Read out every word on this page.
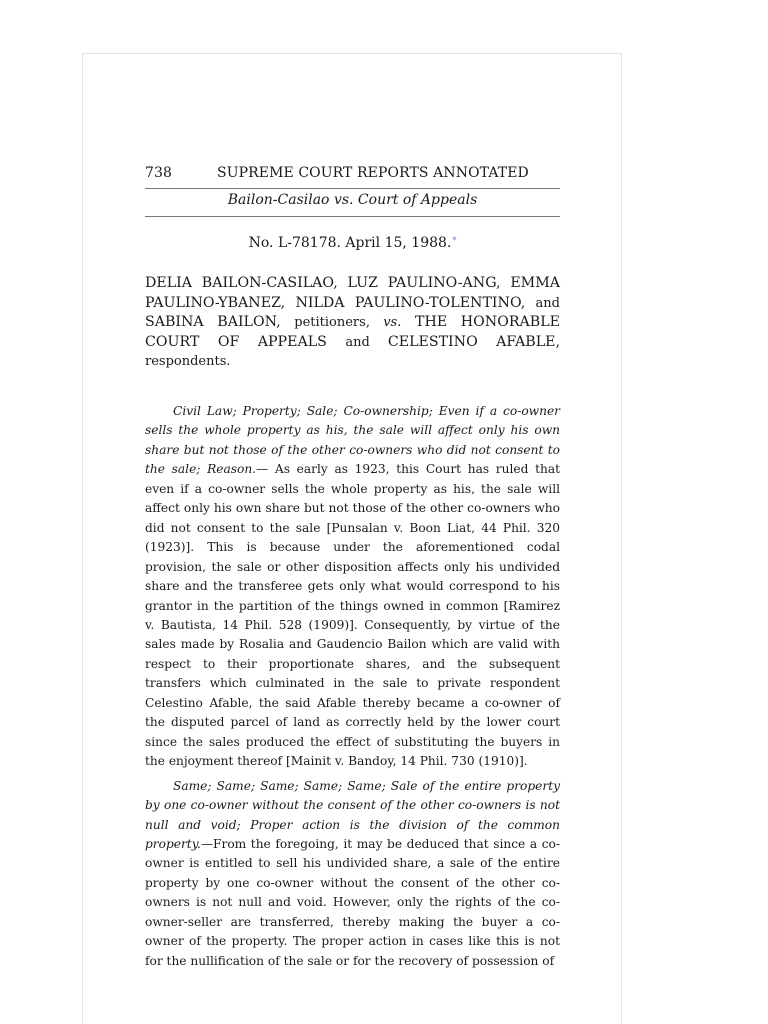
738	SUPREME COURT REPORTS ANNOTATED
Bailon-Casilao vs. Court of Appeals
No. L-78178. April 15, 1988.*
DELIA BAILON-CASILAO, LUZ PAULINO-ANG, EMMA PAULINO-YBANEZ, NILDA PAULINO-TOLENTINO, and SABINA BAILON, petitioners, vs. THE HONORABLE COURT OF APPEALS and CELESTINO AFABLE, respondents.

Civil Law; Property; Sale; Co-ownership; Even if a co-owner sells the whole property as his, the sale will affect only his own share but not those of the other co-owners who did not consent to the sale; Reason.— As early as 1923, this Court has ruled that even if a co-owner sells the whole property as his, the sale will affect only his own share but not those of the other co-owners who did not consent to the sale [Punsalan v. Boon Liat, 44 Phil. 320 (1923)]. This is because under the aforementioned codal provision, the sale or other disposition affects only his undivided share and the transferee gets only what would correspond to his grantor in the partition of the things owned in common [Ramirez v. Bautista, 14 Phil. 528 (1909)]. Consequently, by virtue of the sales made by Rosalia and Gaudencio Bailon which are valid with respect to their proportionate shares, and the subsequent transfers which culminated in the sale to private respondent Celestino Afable, the said Afable thereby became a co-owner of the disputed parcel of land as correctly held by the lower court since the sales produced the effect of substituting the buyers in the enjoyment thereof [Mainit v. Bandoy, 14 Phil. 730 (1910)].

Same; Same; Same; Same; Same; Sale of the entire property by one co-owner without the consent of the other co-owners is not null and void; Proper action is the division of the common property.—From the foregoing, it may be deduced that since a co-owner is entitled to sell his undivided share, a sale of the entire property by one co-owner without the consent of the other co-owners is not null and void. However, only the rights of the co-owner-seller are transferred, thereby making the buyer a co-owner of the property. The proper action in cases like this is not for the nullification of the sale or for the recovery of possession of
